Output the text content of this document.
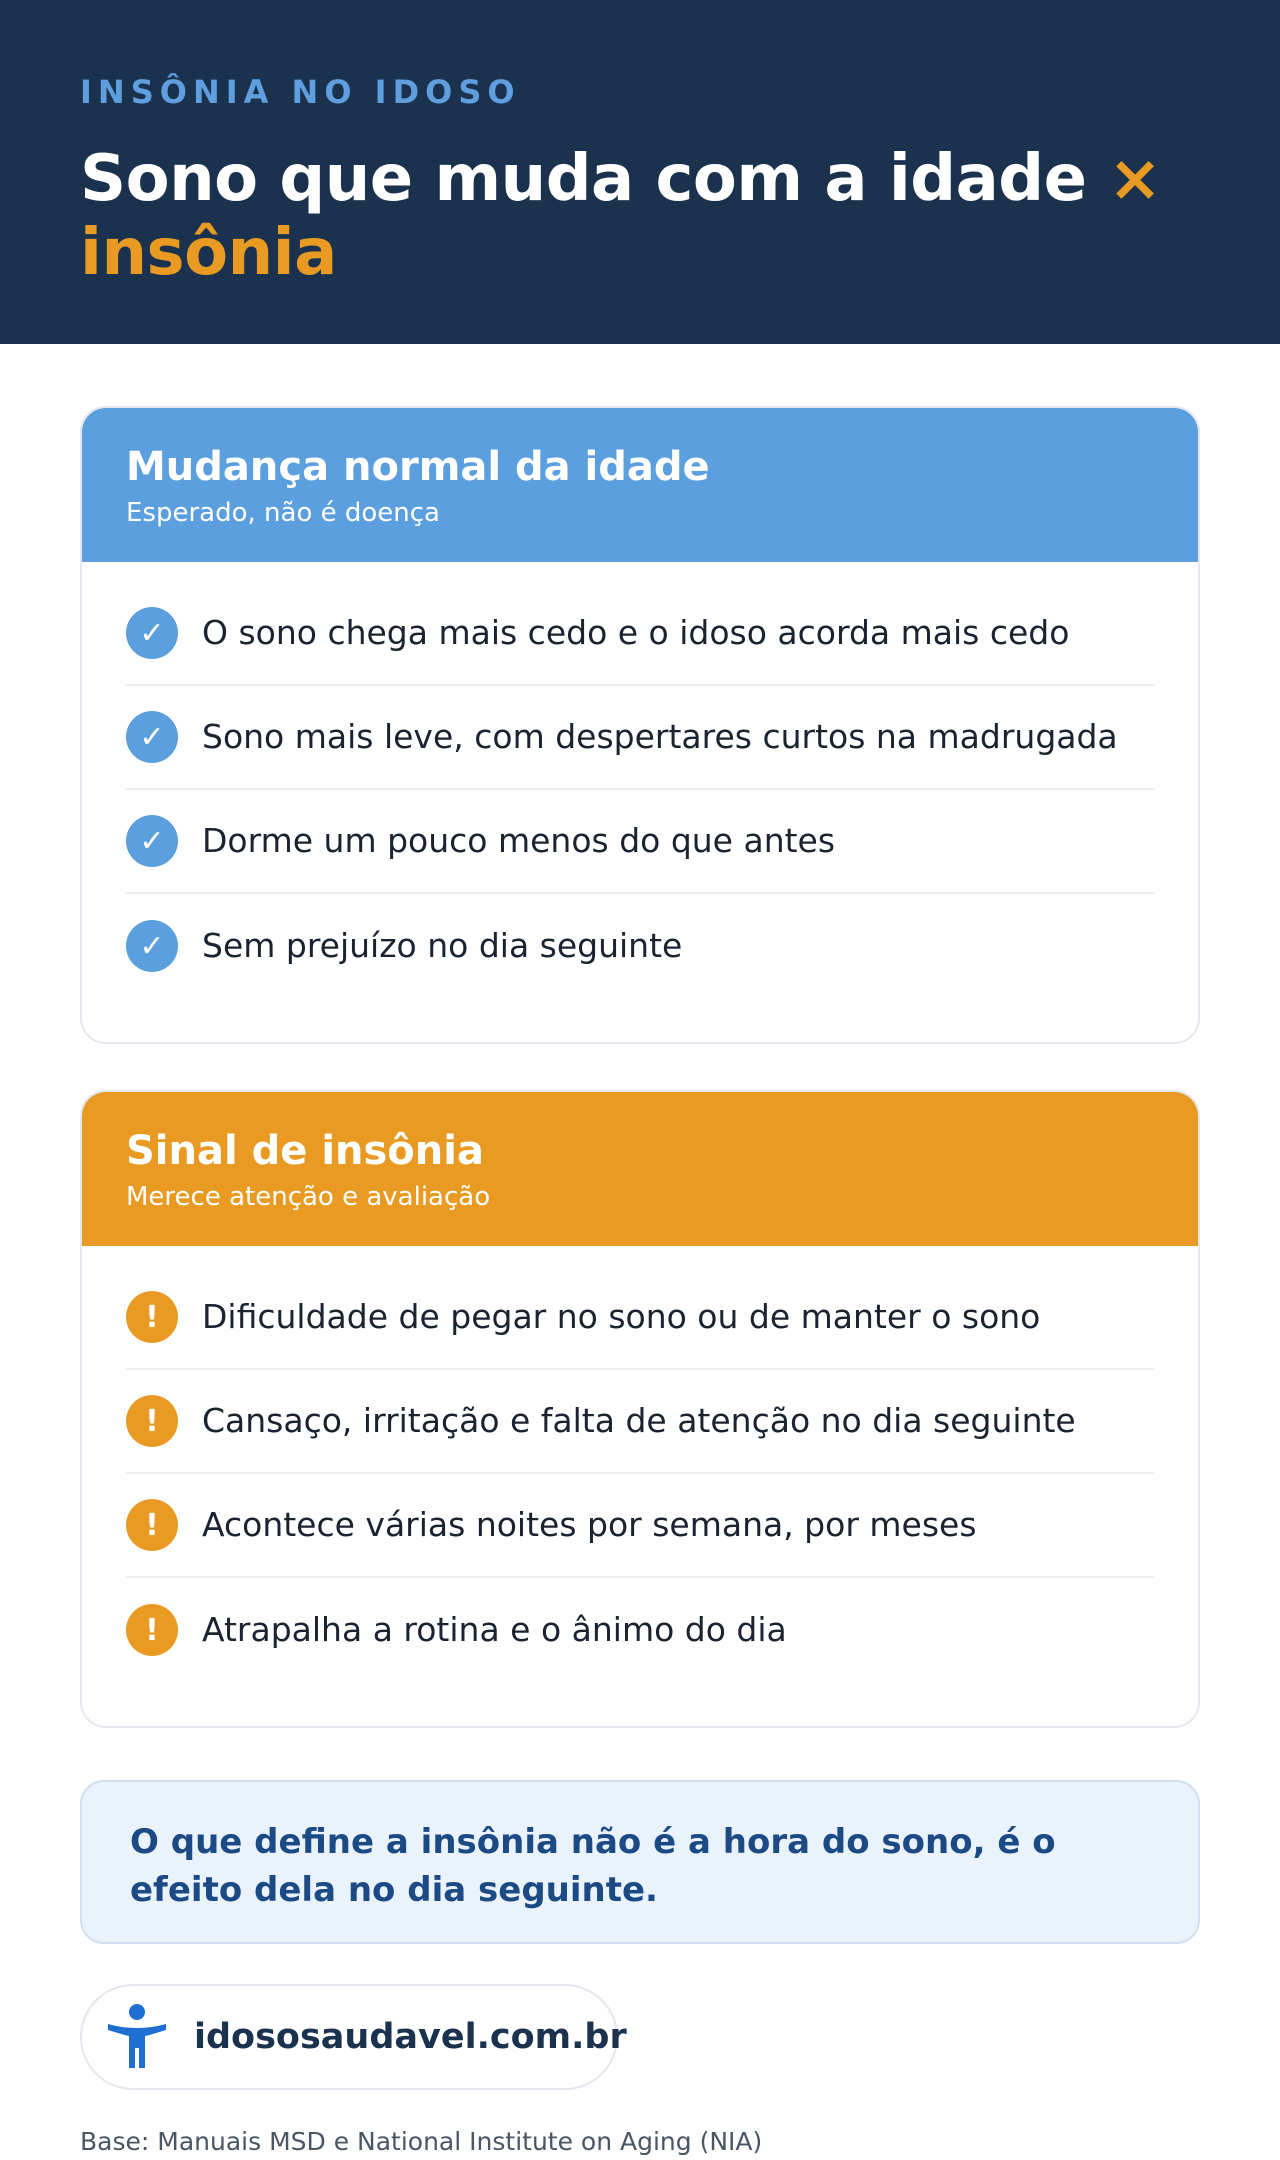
INSÔNIA NO IDOSO
Sono que muda com a idade ×
insônia
Mudança normal da idade
Esperado, não é doença
✓	O sono chega mais cedo e o idoso acorda mais cedo
✓	Sono mais leve, com despertares curtos na madrugada
✓	Dorme um pouco menos do que antes
✓	Sem prejuízo no dia seguinte
Sinal de insônia
Merece atenção e avaliação
!	Dificuldade de pegar no sono ou de manter o sono
!	Cansaço, irritação e falta de atenção no dia seguinte
!	Acontece várias noites por semana, por meses
!	Atrapalha a rotina e o ânimo do dia
O que define a insônia não é a hora do sono, é o efeito dela no dia seguinte.
idososaudavel.com.br
Base: Manuais MSD e National Institute on Aging (NIA)
